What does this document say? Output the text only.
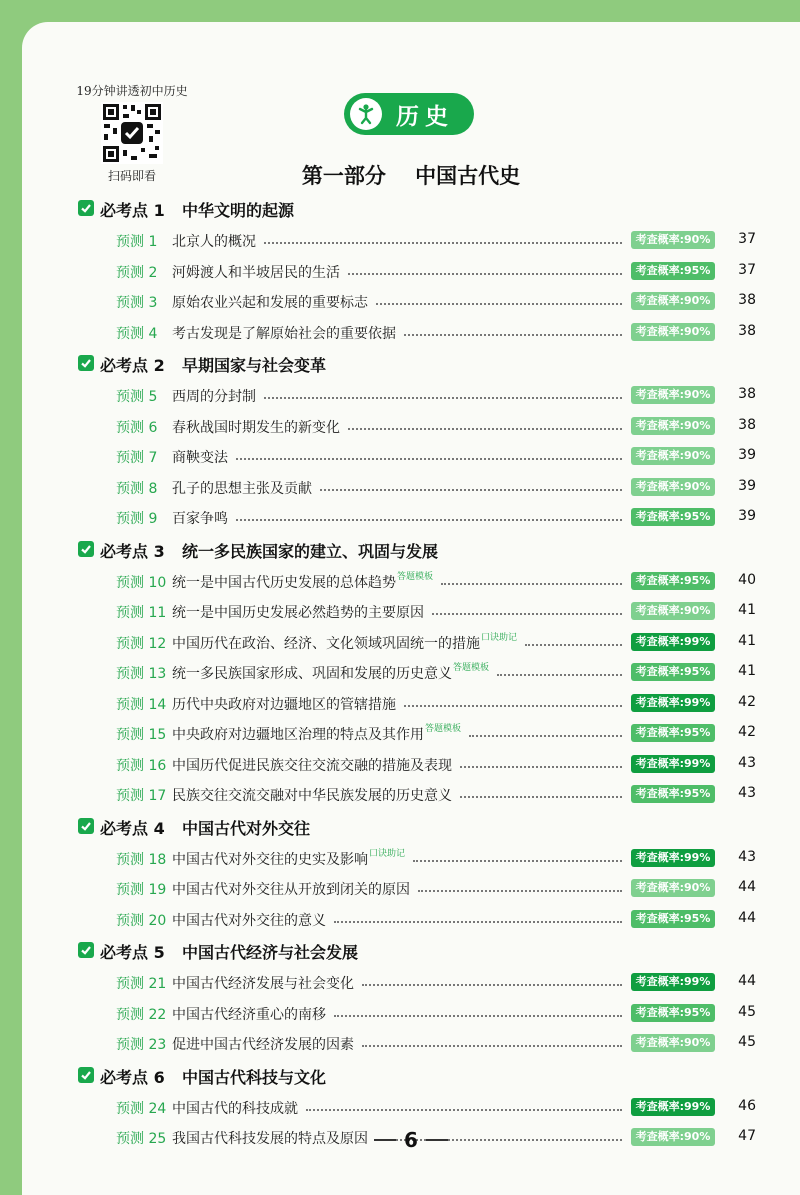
19分钟讲透初中历史
扫码即看
历史
第一部分    中国古代史
必考点 1 中华文明的起源
预测 1 北京人的概况	考查概率:90%	37
预测 2 河姆渡人和半坡居民的生活	考查概率:95%	37
预测 3 原始农业兴起和发展的重要标志	考查概率:90%	38
预测 4 考古发现是了解原始社会的重要依据	考查概率:90%	38
必考点 2 早期国家与社会变革
预测 5 西周的分封制	考查概率:90%	38
预测 6 春秋战国时期发生的新变化	考查概率:90%	38
预测 7 商鞅变法	考查概率:90%	39
预测 8 孔子的思想主张及贡献	考查概率:90%	39
预测 9 百家争鸣	考查概率:95%	39
必考点 3 统一多民族国家的建立、巩固与发展
预测 10 统一是中国古代历史发展的总体趋势 答题模板	考查概率:95%	40
预测 11 统一是中国历史发展必然趋势的主要原因	考查概率:90%	41
预测 12 中国历代在政治、经济、文化领域巩固统一的措施 口诀助记	考查概率:99%	41
预测 13 统一多民族国家形成、巩固和发展的历史意义 答题模板	考查概率:95%	41
预测 14 历代中央政府对边疆地区的管辖措施	考查概率:99%	42
预测 15 中央政府对边疆地区治理的特点及其作用 答题模板	考查概率:95%	42
预测 16 中国历代促进民族交往交流交融的措施及表现	考查概率:99%	43
预测 17 民族交往交流交融对中华民族发展的历史意义	考查概率:95%	43
必考点 4 中国古代对外交往
预测 18 中国古代对外交往的史实及影响 口诀助记	考查概率:99%	43
预测 19 中国古代对外交往从开放到闭关的原因	考查概率:90%	44
预测 20 中国古代对外交往的意义	考查概率:95%	44
必考点 5 中国古代经济与社会发展
预测 21 中国古代经济发展与社会变化	考查概率:99%	44
预测 22 中国古代经济重心的南移	考查概率:95%	45
预测 23 促进中国古代经济发展的因素	考查概率:90%	45
必考点 6 中国古代科技与文化
预测 24 中国古代的科技成就	考查概率:99%	46
预测 25 我国古代科技发展的特点及原因	考查概率:90%	47
6
